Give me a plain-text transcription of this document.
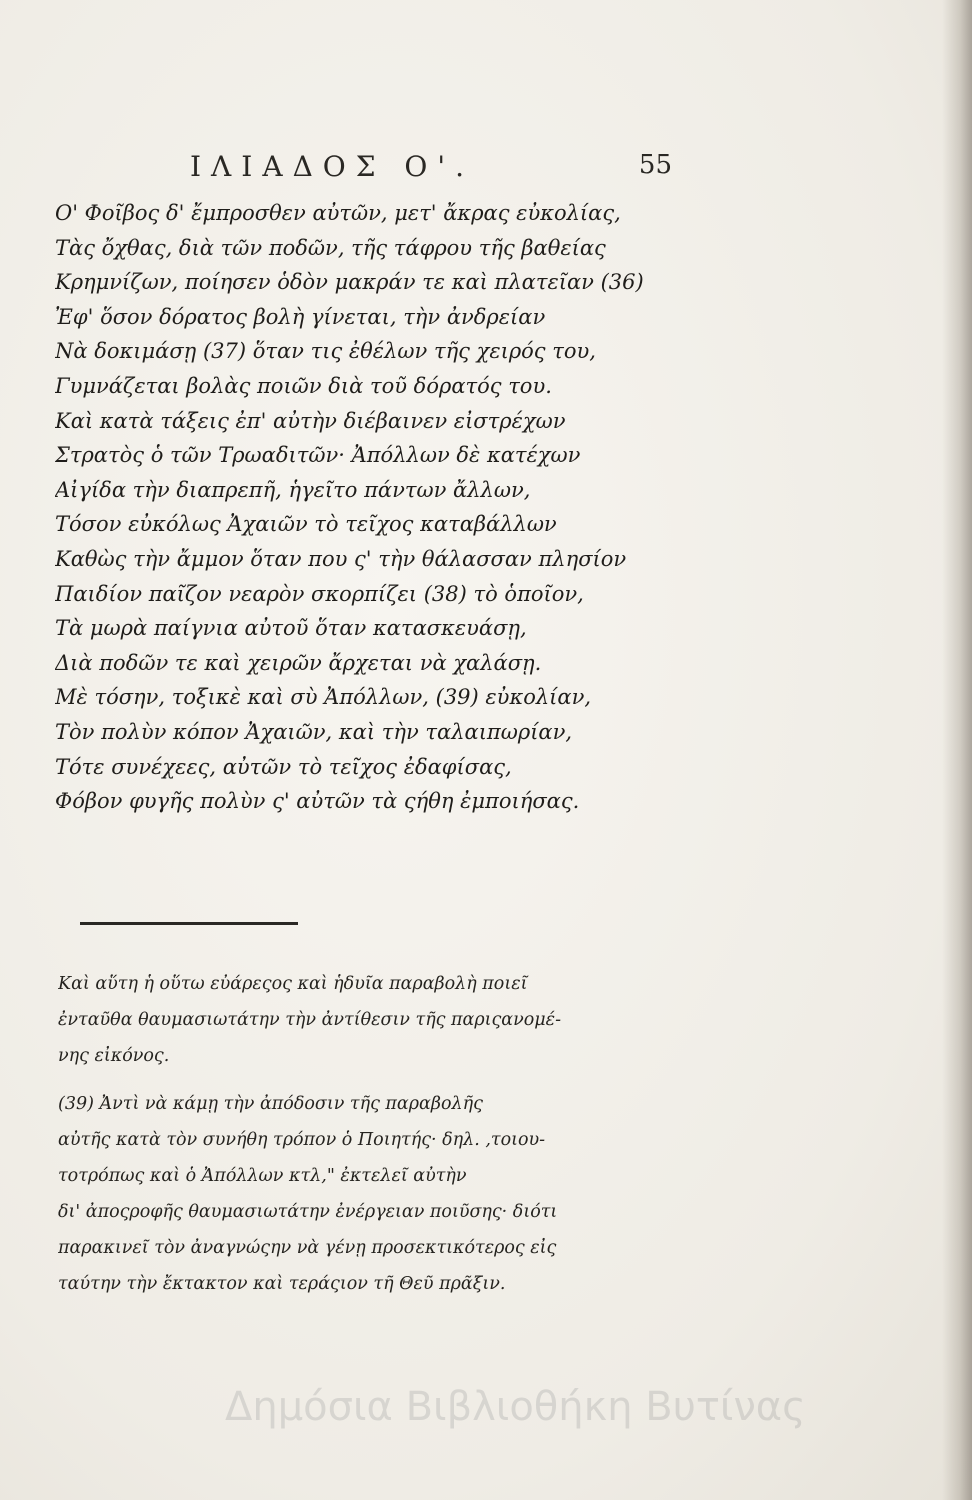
ΙΛΙΑΔΟΣ Ο'.	55
Ο' Φοῖβος δ' ἔμπροσθεν αὐτῶν, μετ' ἄκρας εὐκολίας,
Τὰς ὄχθας, διὰ τῶν ποδῶν, τῆς τάφρου τῆς βαθείας
Κρημνίζων, ποίησεν ὁδὸν μακράν τε καὶ πλατεῖαν (36)
Ἐφ' ὅσον δόρατος βολὴ γίνεται, τὴν ἀνδρείαν
Νὰ δοκιμάσῃ (37) ὅταν τις ἐθέλων τῆς χειρός του,
Γυμνάζεται βολὰς ποιῶν διὰ τοῦ δόρατός του.
Καὶ κατὰ τάξεις ἐπ' αὐτὴν διέβαινεν εἰστρέχων
Στρατὸς ὁ τῶν Τρωαδιτῶν· Ἀπόλλων δὲ κατέχων
Αἰγίδα τὴν διαπρεπῆ, ἡγεῖτο πάντων ἄλλων,
Τόσον εὐκόλως Ἀχαιῶν τὸ τεῖχος καταβάλλων
Καθὼς τὴν ἄμμον ὅταν που ς' τὴν θάλασσαν πλησίον
Παιδίον παῖζον νεαρὸν σκορπίζει (38) τὸ ὁποῖον,
Τὰ μωρὰ παίγνια αὐτοῦ ὅταν κατασκευάσῃ,
Διὰ ποδῶν τε καὶ χειρῶν ἄρχεται νὰ χαλάσῃ.
Μὲ τόσην, τοξικὲ καὶ σὺ Ἀπόλλων, (39) εὐκολίαν,
Τὸν πολὺν κόπον Ἀχαιῶν, καὶ τὴν ταλαιπωρίαν,
Τότε συνέχεες, αὐτῶν τὸ τεῖχος ἐδαφίσας,
Φόβον φυγῆς πολὺν ς' αὐτῶν τὰ ςήθη ἐμποιήσας.
Καὶ αὕτη ἡ οὕτω εὐάρεςος καὶ ἡδυῖα παραβολὴ ποιεῖ
ἐνταῦθα θαυμασιωτάτην τὴν ἀντίθεσιν τῆς παριςανομέ-
νης εἰκόνος.
(39) Ἀντὶ νὰ κάμῃ τὴν ἀπόδοσιν τῆς παραβολῆς
αὐτῆς κατὰ τὸν συνήθη τρόπον ὁ Ποιητής· δηλ. ,τοιου-
τοτρόπως καὶ ὁ Ἀπόλλων κτλ," ἐκτελεῖ αὐτὴν
δι' ἀποςροφῆς θαυμασιωτάτην ἐνέργειαν ποιῦσης· διότι
παρακινεῖ τὸν ἀναγνώςην νὰ γένῃ προσεκτικότερος εἰς
ταύτην τὴν ἔκτακτον καὶ τεράςιον τῆ Θεῦ πρᾶξιν.
Δημόσια Βιβλιοθήκη Βυτίνας
